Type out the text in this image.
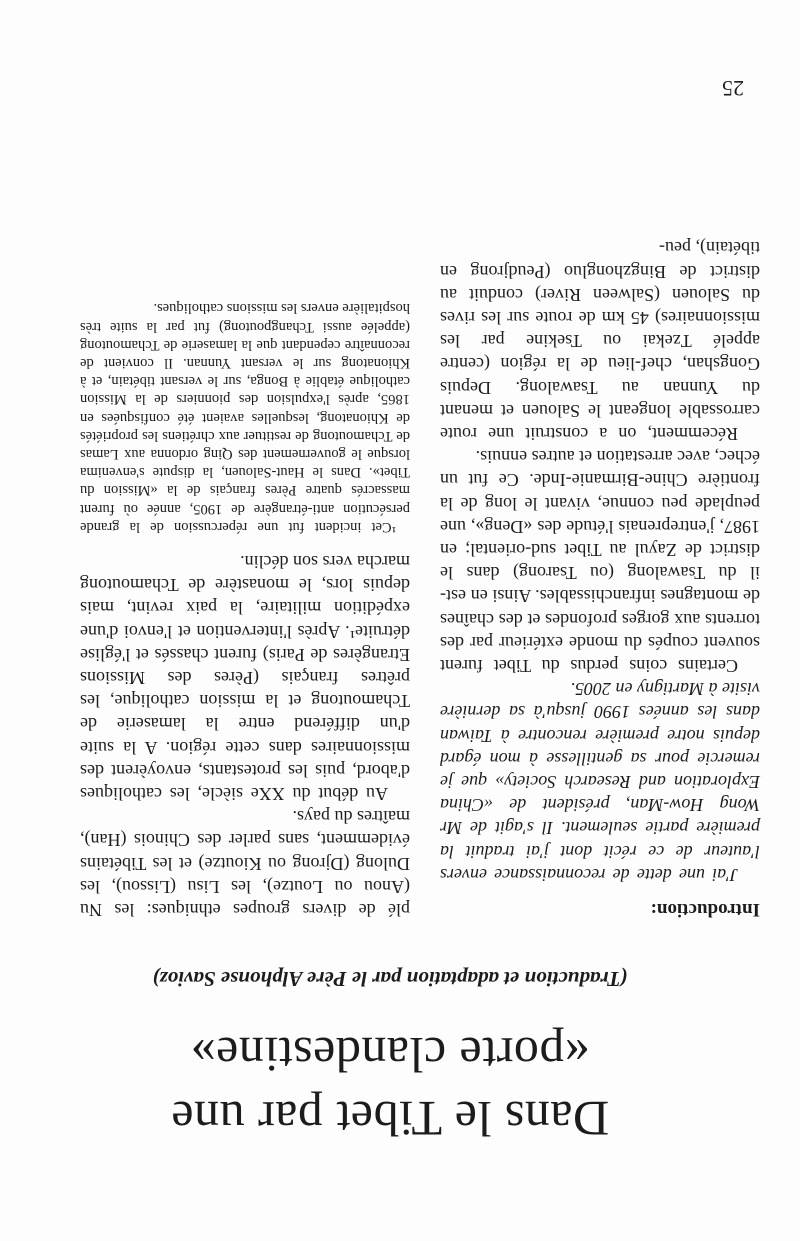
Dans le Tibet par une
«porte clandestine»
(Traduction et adaptation par le Père Alphonse Savioz)
Introduction:

J'ai une dette de reconnaissance envers l'auteur de ce récit dont j'ai traduit la première partie seulement. Il s'agit de Mr Wong How-Man, président de «China Exploration and Research Society» que je remercie pour sa gentillesse à mon égard depuis notre première rencontre à Taiwan dans les années 1990 jusqu'à sa dernière visite à Martigny en 2005.

Certains coins perdus du Tibet furent souvent coupés du monde extérieur par des torrents aux gorges profondes et des chaînes de montagnes infranchissables. Ainsi en est-il du Tsawalong (ou Tsarong) dans le district de Zayul au Tibet sud-oriental; en 1987, j'entreprenais l'étude des «Deng», une peuplade peu connue, vivant le long de la frontière Chine-Birmanie-Inde. Ce fut un échec, avec arrestation et autres ennuis.

Récemment, on a construit une route carrossable longeant le Salouen et menant du Yunnan au Tsawalong. Depuis Gongshan, chef-lieu de la région (centre appelé Tzekai ou Tsekine par les missionnaires) 45 km de route sur les rives du Salouen (Salween River) conduit au district de Bingzhongluo (Peudjrong en tibétain), peu-

plé de divers groupes ethniques: les Nu (Anou ou Loutze), les Lisu (Lissou), les Dulong (Djrong ou Kioutze) et les Tibétains évidemment, sans parler des Chinois (Han), maîtres du pays.

Au début du XXe siècle, les catholiques d'abord, puis les protestants, envoyèrent des missionnaires dans cette région. A la suite d'un différend entre la lamaserie de Tchamoutong et la mission catholique, les prêtres français (Pères des Missions Etrangères de Paris) furent chassés et l'église détruite¹. Après l'intervention et l'envoi d'une expédition militaire, la paix revint, mais depuis lors, le monastère de Tchamoutong marcha vers son déclin.

¹Cet incident fut une répercussion de la grande persécution anti-étrangère de 1905, année où furent massacrés quatre Pères français de la «Mission du Tibet». Dans le Haut-Salouen, la dispute s'envenima lorsque le gouvernement des Qing ordonna aux Lamas de Tchamoutong de restituer aux chrétiens les propriétés de Khionatong, lesquelles avaient été confisquées en 1865, après l'expulsion des pionniers de la Mission catholique établie à Bonga, sur le versant tibétain, et à Khionatong sur le versant Yunnan. Il convient de reconnaître cependant que la lamaserie de Tchamoutong (appelée aussi Tchangpoutong) fut par la suite très hospitalière envers les missions catholiques.

25
